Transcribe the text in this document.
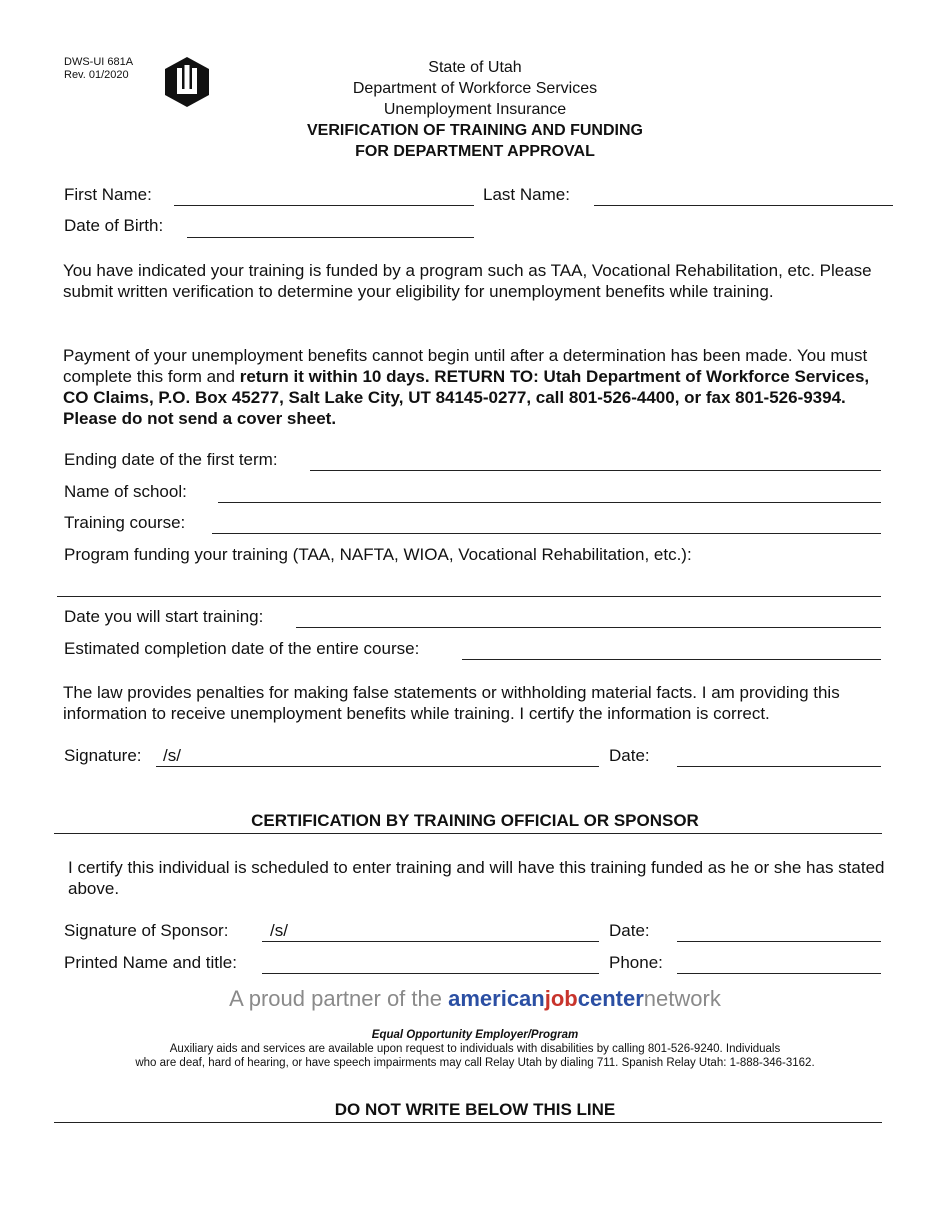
DWS-UI 681A
Rev. 01/2020	State of Utah
Department of Workforce Services
Unemployment Insurance
VERIFICATION OF TRAINING AND FUNDING
FOR DEPARTMENT APPROVAL
First Name:	Last Name:
Date of Birth:
You have indicated your training is funded by a program such as TAA, Vocational Rehabilitation, etc. Please submit written verification to determine your eligibility for unemployment benefits while training.
Payment of your unemployment benefits cannot begin until after a determination has been made. You must complete this form and return it within 10 days. RETURN TO: Utah Department of Workforce Services, CO Claims, P.O. Box 45277, Salt Lake City, UT 84145-0277, call 801-526-4400, or fax 801-526-9394. Please do not send a cover sheet.
Ending date of the first term:
Name of school:
Training course:
Program funding your training (TAA, NAFTA, WIOA, Vocational Rehabilitation, etc.):
Date you will start training:
Estimated completion date of the entire course:
The law provides penalties for making false statements or withholding material facts. I am providing this information to receive unemployment benefits while training. I certify the information is correct.
Signature: /s/	Date:
CERTIFICATION BY TRAINING OFFICIAL OR SPONSOR
I certify this individual is scheduled to enter training and will have this training funded as he or she has stated above.
Signature of Sponsor: /s/	Date:
Printed Name and title:	Phone:
A proud partner of the americanjobcenternetwork
Equal Opportunity Employer/Program
Auxiliary aids and services are available upon request to individuals with disabilities by calling 801-526-9240. Individuals
who are deaf, hard of hearing, or have speech impairments may call Relay Utah by dialing 711. Spanish Relay Utah: 1-888-346-3162.
DO NOT WRITE BELOW THIS LINE
